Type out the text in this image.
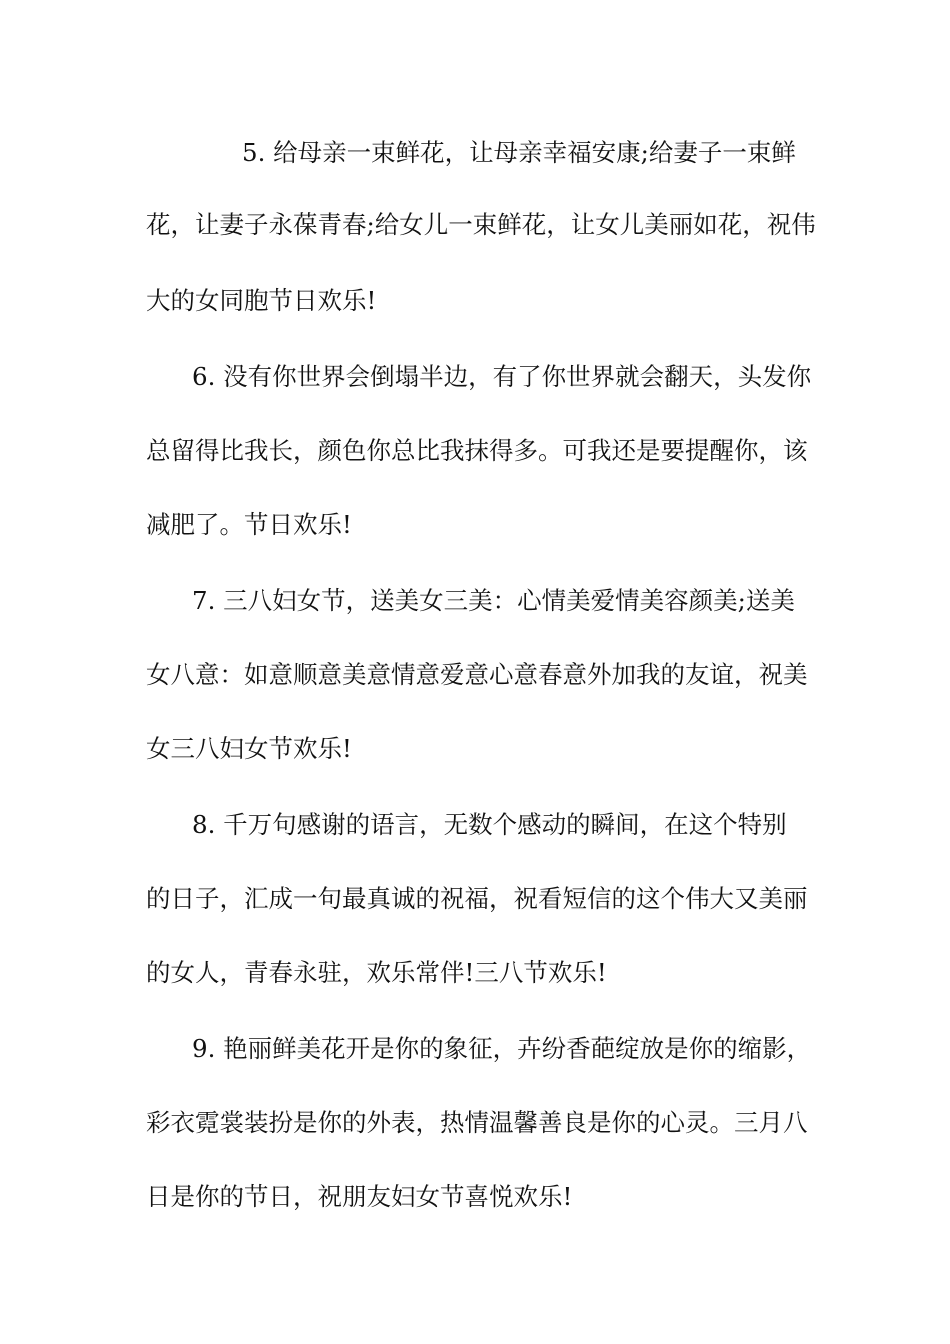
5. 给母亲一束鲜花，让母亲幸福安康;给妻子一束鲜
花，让妻子永葆青春;给女儿一束鲜花，让女儿美丽如花，祝伟
大的女同胞节日欢乐!
6. 没有你世界会倒塌半边，有了你世界就会翻天，头发你
总留得比我长，颜色你总比我抹得多。可我还是要提醒你，该
减肥了。节日欢乐!
7. 三八妇女节，送美女三美：心情美爱情美容颜美;送美
女八意：如意顺意美意情意爱意心意春意外加我的友谊，祝美
女三八妇女节欢乐!
8. 千万句感谢的语言，无数个感动的瞬间，在这个特别
的日子，汇成一句最真诚的祝福，祝看短信的这个伟大又美丽
的女人，青春永驻，欢乐常伴!三八节欢乐!
9. 艳丽鲜美花开是你的象征，卉纷香葩绽放是你的缩影，
彩衣霓裳装扮是你的外表，热情温馨善良是你的心灵。三月八
日是你的节日，祝朋友妇女节喜悦欢乐!
